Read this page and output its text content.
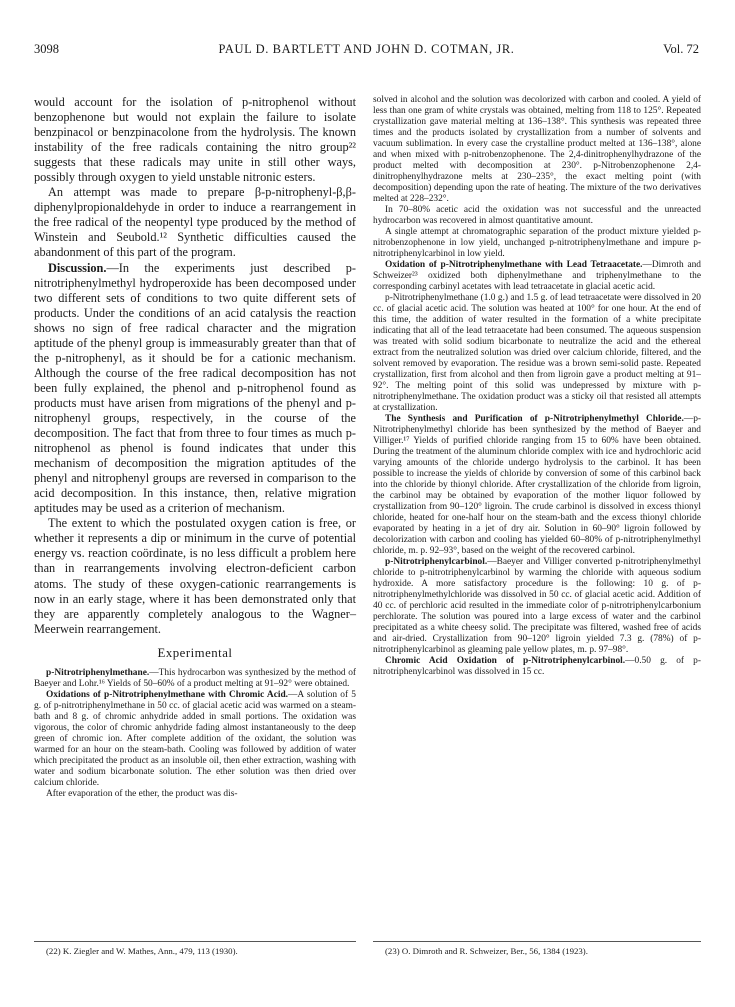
3098	PAUL D. BARTLETT AND JOHN D. COTMAN, JR.	Vol. 72

would account for the isolation of p-nitrophenol without benzophenone but would not explain the failure to isolate benzpinacol or benzpinacolone from the hydrolysis. The known instability of the free radicals containing the nitro group²² suggests that these radicals may unite in still other ways, possibly through oxygen to yield unstable nitronic esters.

An attempt was made to prepare β-p-nitrophenyl-β,β-diphenylpropionaldehyde in order to induce a rearrangement in the free radical of the neopentyl type produced by the method of Winstein and Seubold.¹² Synthetic difficulties caused the abandonment of this part of the program.

Discussion.—In the experiments just described p-nitrotriphenylmethyl hydroperoxide has been decomposed under two different sets of conditions to two quite different sets of products. Under the conditions of an acid catalysis the reaction shows no sign of free radical character and the migration aptitude of the phenyl group is immeasurably greater than that of the p-nitrophenyl, as it should be for a cationic mechanism. Although the course of the free radical decomposition has not been fully explained, the phenol and p-nitrophenol found as products must have arisen from migrations of the phenyl and p-nitrophenyl groups, respectively, in the course of the decomposition. The fact that from three to four times as much p-nitrophenol as phenol is found indicates that under this mechanism of decomposition the migration aptitudes of the phenyl and nitrophenyl groups are reversed in comparison to the acid decomposition. In this instance, then, relative migration aptitudes may be used as a criterion of mechanism.

The extent to which the postulated oxygen cation is free, or whether it represents a dip or minimum in the curve of potential energy vs. reaction coördinate, is no less difficult a problem here than in rearrangements involving electron-deficient carbon atoms. The study of these oxygen-cationic rearrangements is now in an early stage, where it has been demonstrated only that they are apparently completely analogous to the Wagner–Meerwein rearrangement.

Experimental

p-Nitrotriphenylmethane.—This hydrocarbon was synthesized by the method of Baeyer and Lohr.¹⁶ Yields of 50–60% of a product melting at 91–92° were obtained.

Oxidations of p-Nitrotriphenylmethane with Chromic Acid.—A solution of 5 g. of p-nitrotriphenylmethane in 50 cc. of glacial acetic acid was warmed on a steam-bath and 8 g. of chromic anhydride added in small portions. The oxidation was vigorous, the color of chromic anhydride fading almost instantaneously to the deep green of chromic ion. After complete addition of the oxidant, the solution was warmed for an hour on the steam-bath. Cooling was followed by addition of water which precipitated the product as an insoluble oil, then ether extraction, washing with water and sodium bicarbonate solution. The ether solution was then dried over calcium chloride.

After evaporation of the ether, the product was dis-

solved in alcohol and the solution was decolorized with carbon and cooled. A yield of less than one gram of white crystals was obtained, melting from 118 to 125°. Repeated crystallization gave material melting at 136–138°. This synthesis was repeated three times and the products isolated by crystallization from a number of solvents and vacuum sublimation. In every case the crystalline product melted at 136–138°, alone and when mixed with p-nitrobenzophenone. The 2,4-dinitrophenylhydrazone of the product melted with decomposition at 230°. p-Nitrobenzophenone 2,4-dinitrophenylhydrazone melts at 230–235°, the exact melting point (with decomposition) depending upon the rate of heating. The mixture of the two derivatives melted at 228–232°.

In 70–80% acetic acid the oxidation was not successful and the unreacted hydrocarbon was recovered in almost quantitative amount.

A single attempt at chromatographic separation of the product mixture yielded p-nitrobenzophenone in low yield, unchanged p-nitrotriphenylmethane and impure p-nitrotriphenylcarbinol in low yield.

Oxidation of p-Nitrotriphenylmethane with Lead Tetraacetate.—Dimroth and Schweizer²³ oxidized both diphenylmethane and triphenylmethane to the corresponding carbinyl acetates with lead tetraacetate in glacial acetic acid.

p-Nitrotriphenylmethane (1.0 g.) and 1.5 g. of lead tetraacetate were dissolved in 20 cc. of glacial acetic acid. The solution was heated at 100° for one hour. At the end of this time, the addition of water resulted in the formation of a white precipitate indicating that all of the lead tetraacetate had been consumed. The aqueous suspension was treated with solid sodium bicarbonate to neutralize the acid and the ethereal extract from the neutralized solution was dried over calcium chloride, filtered, and the solvent removed by evaporation. The residue was a brown semi-solid paste. Repeated crystallization, first from alcohol and then from ligroin gave a product melting at 91–92°. The melting point of this solid was undepressed by mixture with p-nitrotriphenylmethane. The oxidation product was a sticky oil that resisted all attempts at crystallization.

The Synthesis and Purification of p-Nitrotriphenylmethyl Chloride.—p-Nitrotriphenylmethyl chloride has been synthesized by the method of Baeyer and Villiger.¹⁷ Yields of purified chloride ranging from 15 to 60% have been obtained. During the treatment of the aluminum chloride complex with ice and hydrochloric acid varying amounts of the chloride undergo hydrolysis to the carbinol. It has been possible to increase the yields of chloride by conversion of some of this carbinol back into the chloride by thionyl chloride. After crystallization of the chloride from ligroin, the carbinol may be obtained by evaporation of the mother liquor followed by crystallization from 90–120° ligroin. The crude carbinol is dissolved in excess thionyl chloride, heated for one-half hour on the steam-bath and the excess thionyl chloride evaporated by heating in a jet of dry air. Solution in 60–90° ligroin followed by decolorization with carbon and cooling has yielded 60–80% of p-nitrotriphenylmethyl chloride, m. p. 92–93°, based on the weight of the recovered carbinol.

p-Nitrotriphenylcarbinol.—Baeyer and Villiger converted p-nitrotriphenylmethyl chloride to p-nitrotriphenylcarbinol by warming the chloride with aqueous sodium hydroxide. A more satisfactory procedure is the following: 10 g. of p-nitrotriphenylmethylchloride was dissolved in 50 cc. of glacial acetic acid. Addition of 40 cc. of perchloric acid resulted in the immediate color of p-nitrotriphenylcarbonium perchlorate. The solution was poured into a large excess of water and the carbinol precipitated as a white cheesy solid. The precipitate was filtered, washed free of acids and air-dried. Crystallization from 90–120° ligroin yielded 7.3 g. (78%) of p-nitrotriphenylcarbinol as gleaming pale yellow plates, m. p. 97–98°.

Chromic Acid Oxidation of p-Nitrotriphenylcarbinol.—0.50 g. of p-nitrotriphenylcarbinol was dissolved in 15 cc.

(22) K. Ziegler and W. Mathes, Ann., 479, 113 (1930).	(23) O. Dimroth and R. Schweizer, Ber., 56, 1384 (1923).
